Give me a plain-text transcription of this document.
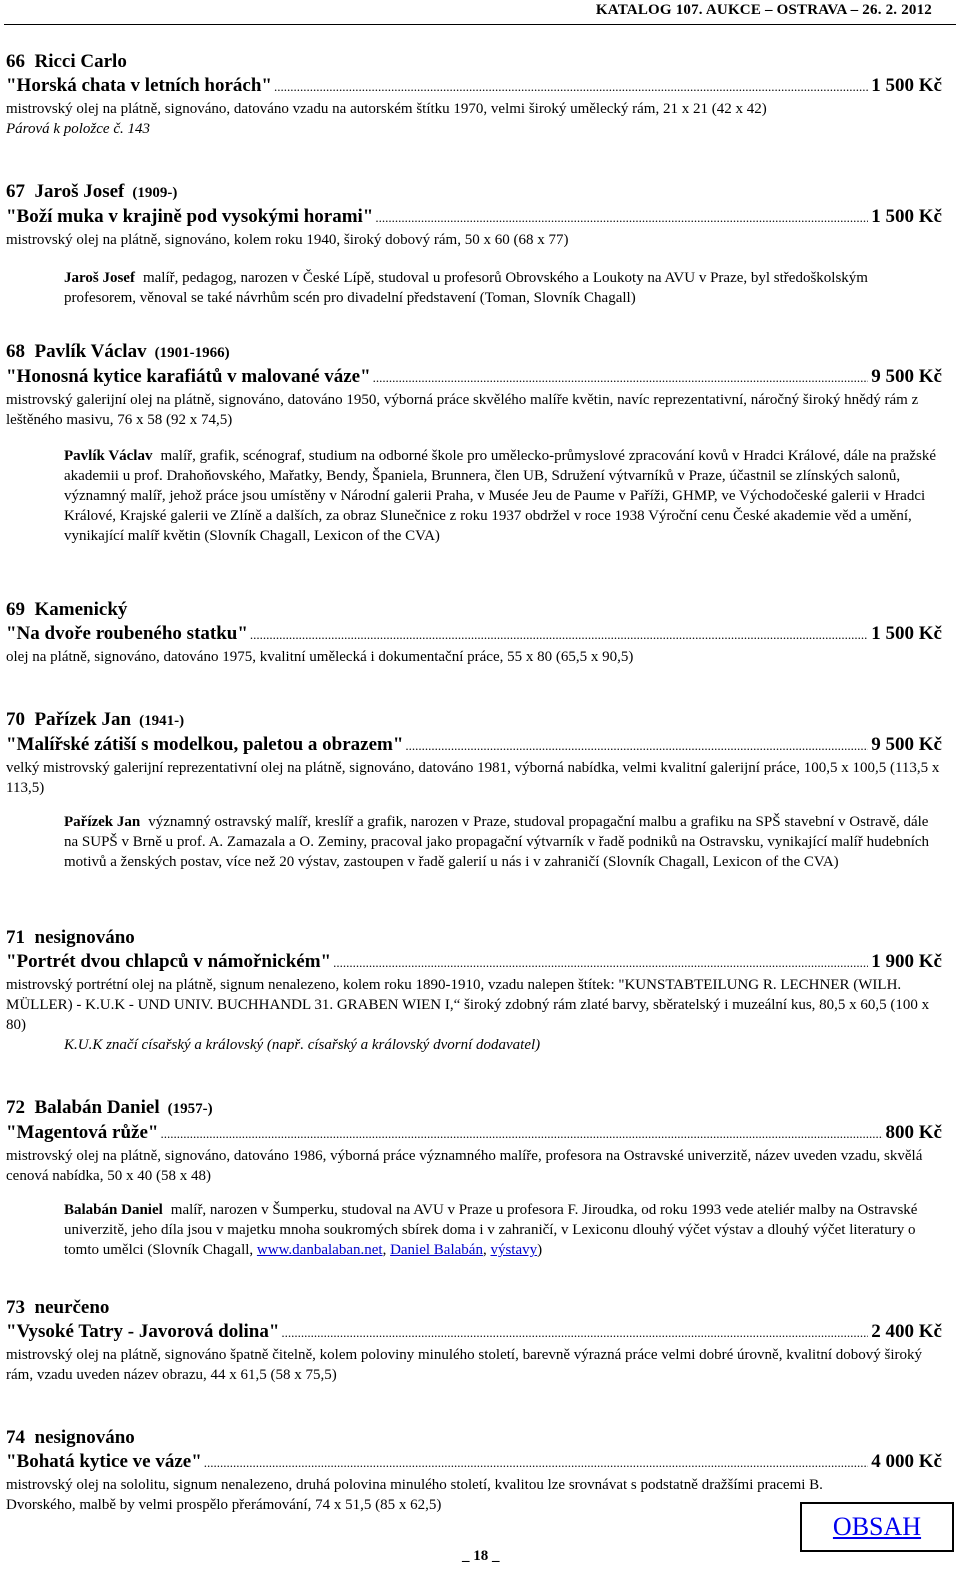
KATALOG 107. AUKCE – OSTRAVA – 26. 2. 2012
66 Ricci Carlo
"Horská chata v letních horách" .....	1 500 Kč
mistrovský olej na plátně, signováno, datováno vzadu na autorském štítku 1970, velmi široký umělecký rám, 21 x 21 (42 x 42)
Párová k položce č. 143
67 Jaroš Josef (1909-)
"Boží muka v krajině pod vysokými horami" .....	1 500 Kč
mistrovský olej na plátně, signováno, kolem roku 1940, široký dobový rám, 50 x 60 (68 x 77)
Jaroš Josef malíř, pedagog, narozen v České Lípě, studoval u profesorů Obrovského a Loukoty na AVU v Praze, byl středoškolským profesorem, věnoval se také návrhům scén pro divadelní představení (Toman, Slovník Chagall)
68 Pavlík Václav (1901-1966)
"Honosná kytice karafiátů v malované váze" .....	9 500 Kč
mistrovský galerijní olej na plátně, signováno, datováno 1950, výborná práce skvělého malíře květin, navíc reprezentativní, náročný široký hnědý rám z leštěného masivu, 76 x 58 (92 x 74,5)
Pavlík Václav malíř, grafik, scénograf, studium na odborné škole pro umělecko-průmyslové zpracování kovů v Hradci Králové, dále na pražské akademii u prof. Drahoňovského, Mařatky, Bendy, Španiela, Brunnera, člen UB, Sdružení výtvarníků v Praze, účastnil se zlínských salonů, významný malíř, jehož práce jsou umístěny v Národní galerii Praha, v Musée Jeu de Paume v Paříži, GHMP, ve Východočeské galerii v Hradci Králové, Krajské galerii ve Zlíně a dalších, za obraz Slunečnice z roku 1937 obdržel v roce 1938 Výroční cenu České akademie věd a umění, vynikající malíř květin (Slovník Chagall, Lexicon of the CVA)
69 Kamenický
"Na dvoře roubeného statku" .....	1 500 Kč
olej na plátně, signováno, datováno 1975, kvalitní umělecká i dokumentační práce, 55 x 80 (65,5 x 90,5)
70 Pařízek Jan (1941-)
"Malířské zátiší s modelkou, paletou a obrazem" .....	9 500 Kč
velký mistrovský galerijní reprezentativní olej na plátně, signováno, datováno 1981, výborná nabídka, velmi kvalitní galerijní práce, 100,5 x 100,5 (113,5 x 113,5)
Pařízek Jan významný ostravský malíř, kreslíř a grafik, narozen v Praze, studoval propagační malbu a grafiku na SPŠ stavební v Ostravě, dále na SUPŠ v Brně u prof. A. Zamazala a O. Zeminy, pracoval jako propagační výtvarník v řadě podniků na Ostravsku, vynikající malíř hudebních motivů a ženských postav, více než 20 výstav, zastoupen v řadě galerií u nás i v zahraničí (Slovník Chagall, Lexicon of the CVA)
71 nesignováno
"Portrét dvou chlapců v námořnickém" .....	1 900 Kč
mistrovský portrétní olej na plátně, signum nenalezeno, kolem roku 1890-1910, vzadu nalepen štítek: "KUNSTABTEILUNG R. LECHNER (WILH. MÜLLER) - K.U.K - UND UNIV. BUCHHANDL 31. GRABEN WIEN I,“ široký zdobný rám zlaté barvy, sběratelský i muzeální kus, 80,5 x 60,5 (100 x 80)
K.U.K značí císařský a královský (např. císařský a královský dvorní dodavatel)
72 Balabán Daniel (1957-)
"Magentová růže" .....	800 Kč
mistrovský olej na plátně, signováno, datováno 1986, výborná práce významného malíře, profesora na Ostravské univerzitě, název uveden vzadu, skvělá cenová nabídka, 50 x 40 (58 x 48)
Balabán Daniel malíř, narozen v Šumperku, studoval na AVU v Praze u profesora F. Jiroudka, od roku 1993 vede ateliér malby na Ostravské univerzitě, jeho díla jsou v majetku mnoha soukromých sbírek doma i v zahraničí, v Lexiconu dlouhý výčet výstav a dlouhý výčet literatury o tomto umělci (Slovník Chagall, www.danbalaban.net, Daniel Balabán, výstavy)
73 neurčeno
"Vysoké Tatry - Javorová dolina" .....	2 400 Kč
mistrovský olej na plátně, signováno špatně čitelně, kolem poloviny minulého století, barevně výrazná práce velmi dobré úrovně, kvalitní dobový široký rám, vzadu uveden název obrazu, 44 x 61,5 (58 x 75,5)
74 nesignováno
"Bohatá kytice ve váze" .....	4 000 Kč
mistrovský olej na sololitu, signum nenalezeno, druhá polovina minulého století, kvalitou lze srovnávat s podstatně dražšími pracemi B. Dvorského, malbě by velmi prospělo přerámování, 74 x 51,5 (85 x 62,5)
OBSAH
_ 18 _
